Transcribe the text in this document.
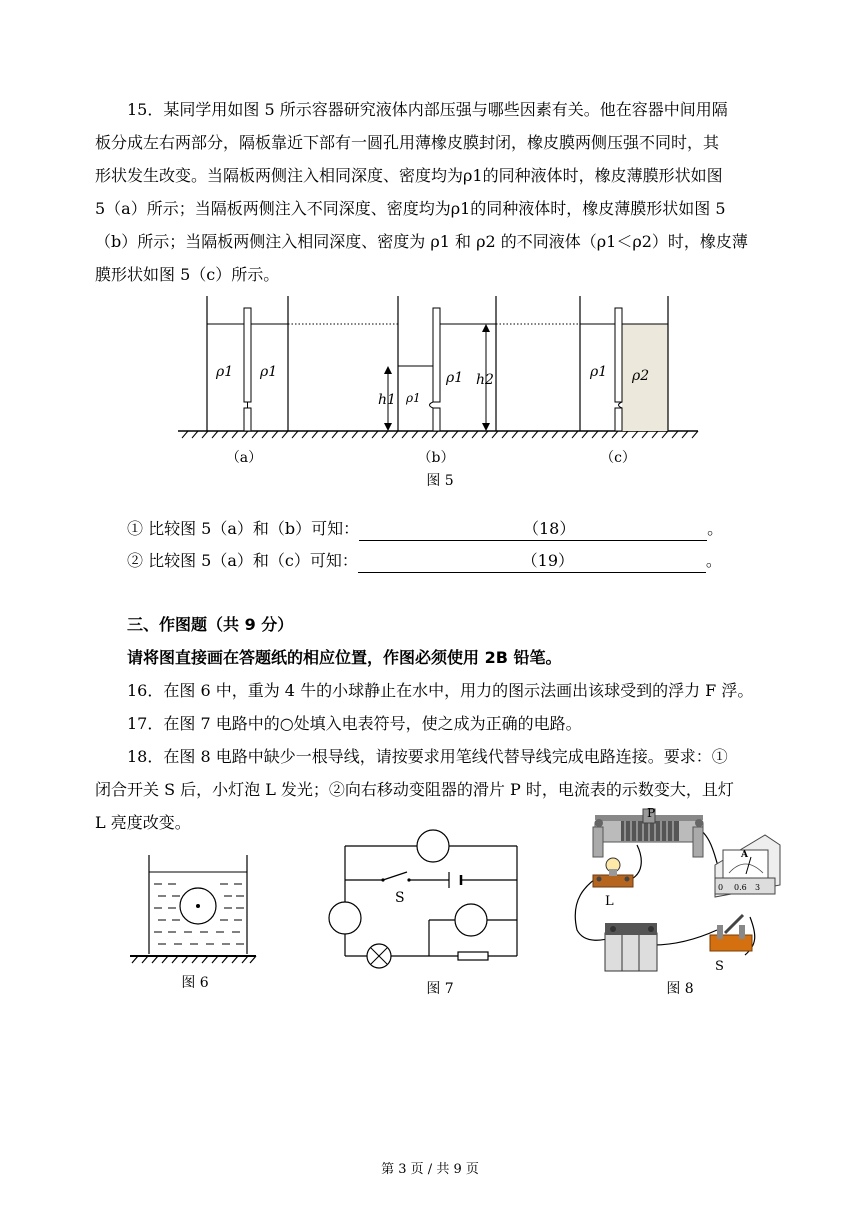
15．某同学用如图 5 所示容器研究液体内部压强与哪些因素有关。他在容器中间用隔
板分成左右两部分，隔板靠近下部有一圆孔用薄橡皮膜封闭，橡皮膜两侧压强不同时，其
形状发生改变。当隔板两侧注入相同深度、密度均为ρ1的同种液体时，橡皮薄膜形状如图
5（a）所示；当隔板两侧注入不同深度、密度均为ρ1的同种液体时，橡皮薄膜形状如图 5
（b）所示；当隔板两侧注入相同深度、密度为 ρ1 和 ρ2 的不同液体（ρ1＜ρ2）时，橡皮薄
膜形状如图 5（c）所示。
ρ1 ρ1
h1 ρ1
ρ1 h2	ρ1 ρ2
（a）	（b）	（c）
图 5
① 比较图 5（a）和（b）可知：	（18）	。
② 比较图 5（a）和（c）可知：	（19）	。
三、作图题（共 9 分）
请将图直接画在答题纸的相应位置，作图必须使用 2B 铅笔。
16．在图 6 中，重为 4 牛的小球静止在水中，用力的图示法画出该球受到的浮力 F 浮。
17．在图 7 电路中的○处填入电表符号，使之成为正确的电路。
18．在图 8 电路中缺少一根导线，请按要求用笔线代替导线完成电路连接。要求：①
闭合开关 S 后，小灯泡 L 发光；②向右移动变阻器的滑片 P 时，电流表的示数变大，且灯
L 亮度改变。
图 6
S
图 7
P
A
0 0.6 3
L
S
图 8
第 3 页 / 共 9 页
